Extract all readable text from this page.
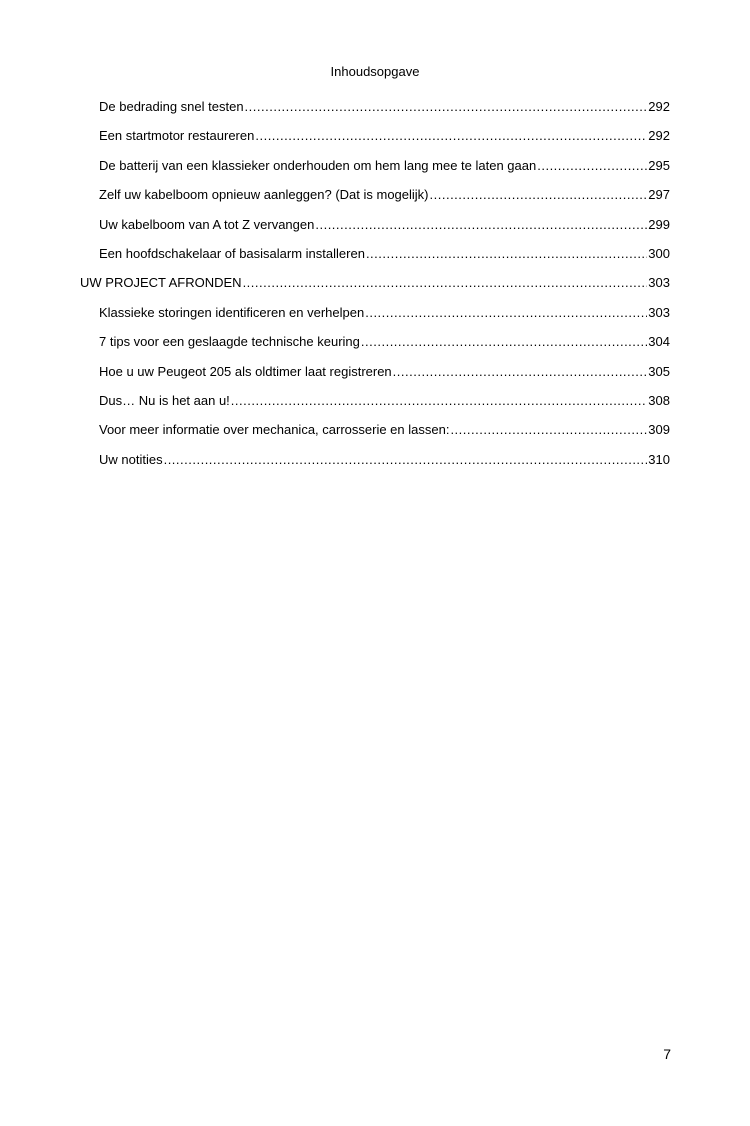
Inhoudsopgave
De bedrading snel testen .....	292
Een startmotor restaureren .....	292
De batterij van een klassieker onderhouden om hem lang mee te laten gaan .....	295
Zelf uw kabelboom opnieuw aanleggen? (Dat is mogelijk) .....	297
Uw kabelboom van A tot Z vervangen .....	299
Een hoofdschakelaar of basisalarm installeren .....	300
UW PROJECT AFRONDEN .....	303
Klassieke storingen identificeren en verhelpen .....	303
7 tips voor een geslaagde technische keuring .....	304
Hoe u uw Peugeot 205 als oldtimer laat registreren .....	305
Dus… Nu is het aan u! .....	308
Voor meer informatie over mechanica, carrosserie en lassen: .....	309
Uw notities .....	310
7
